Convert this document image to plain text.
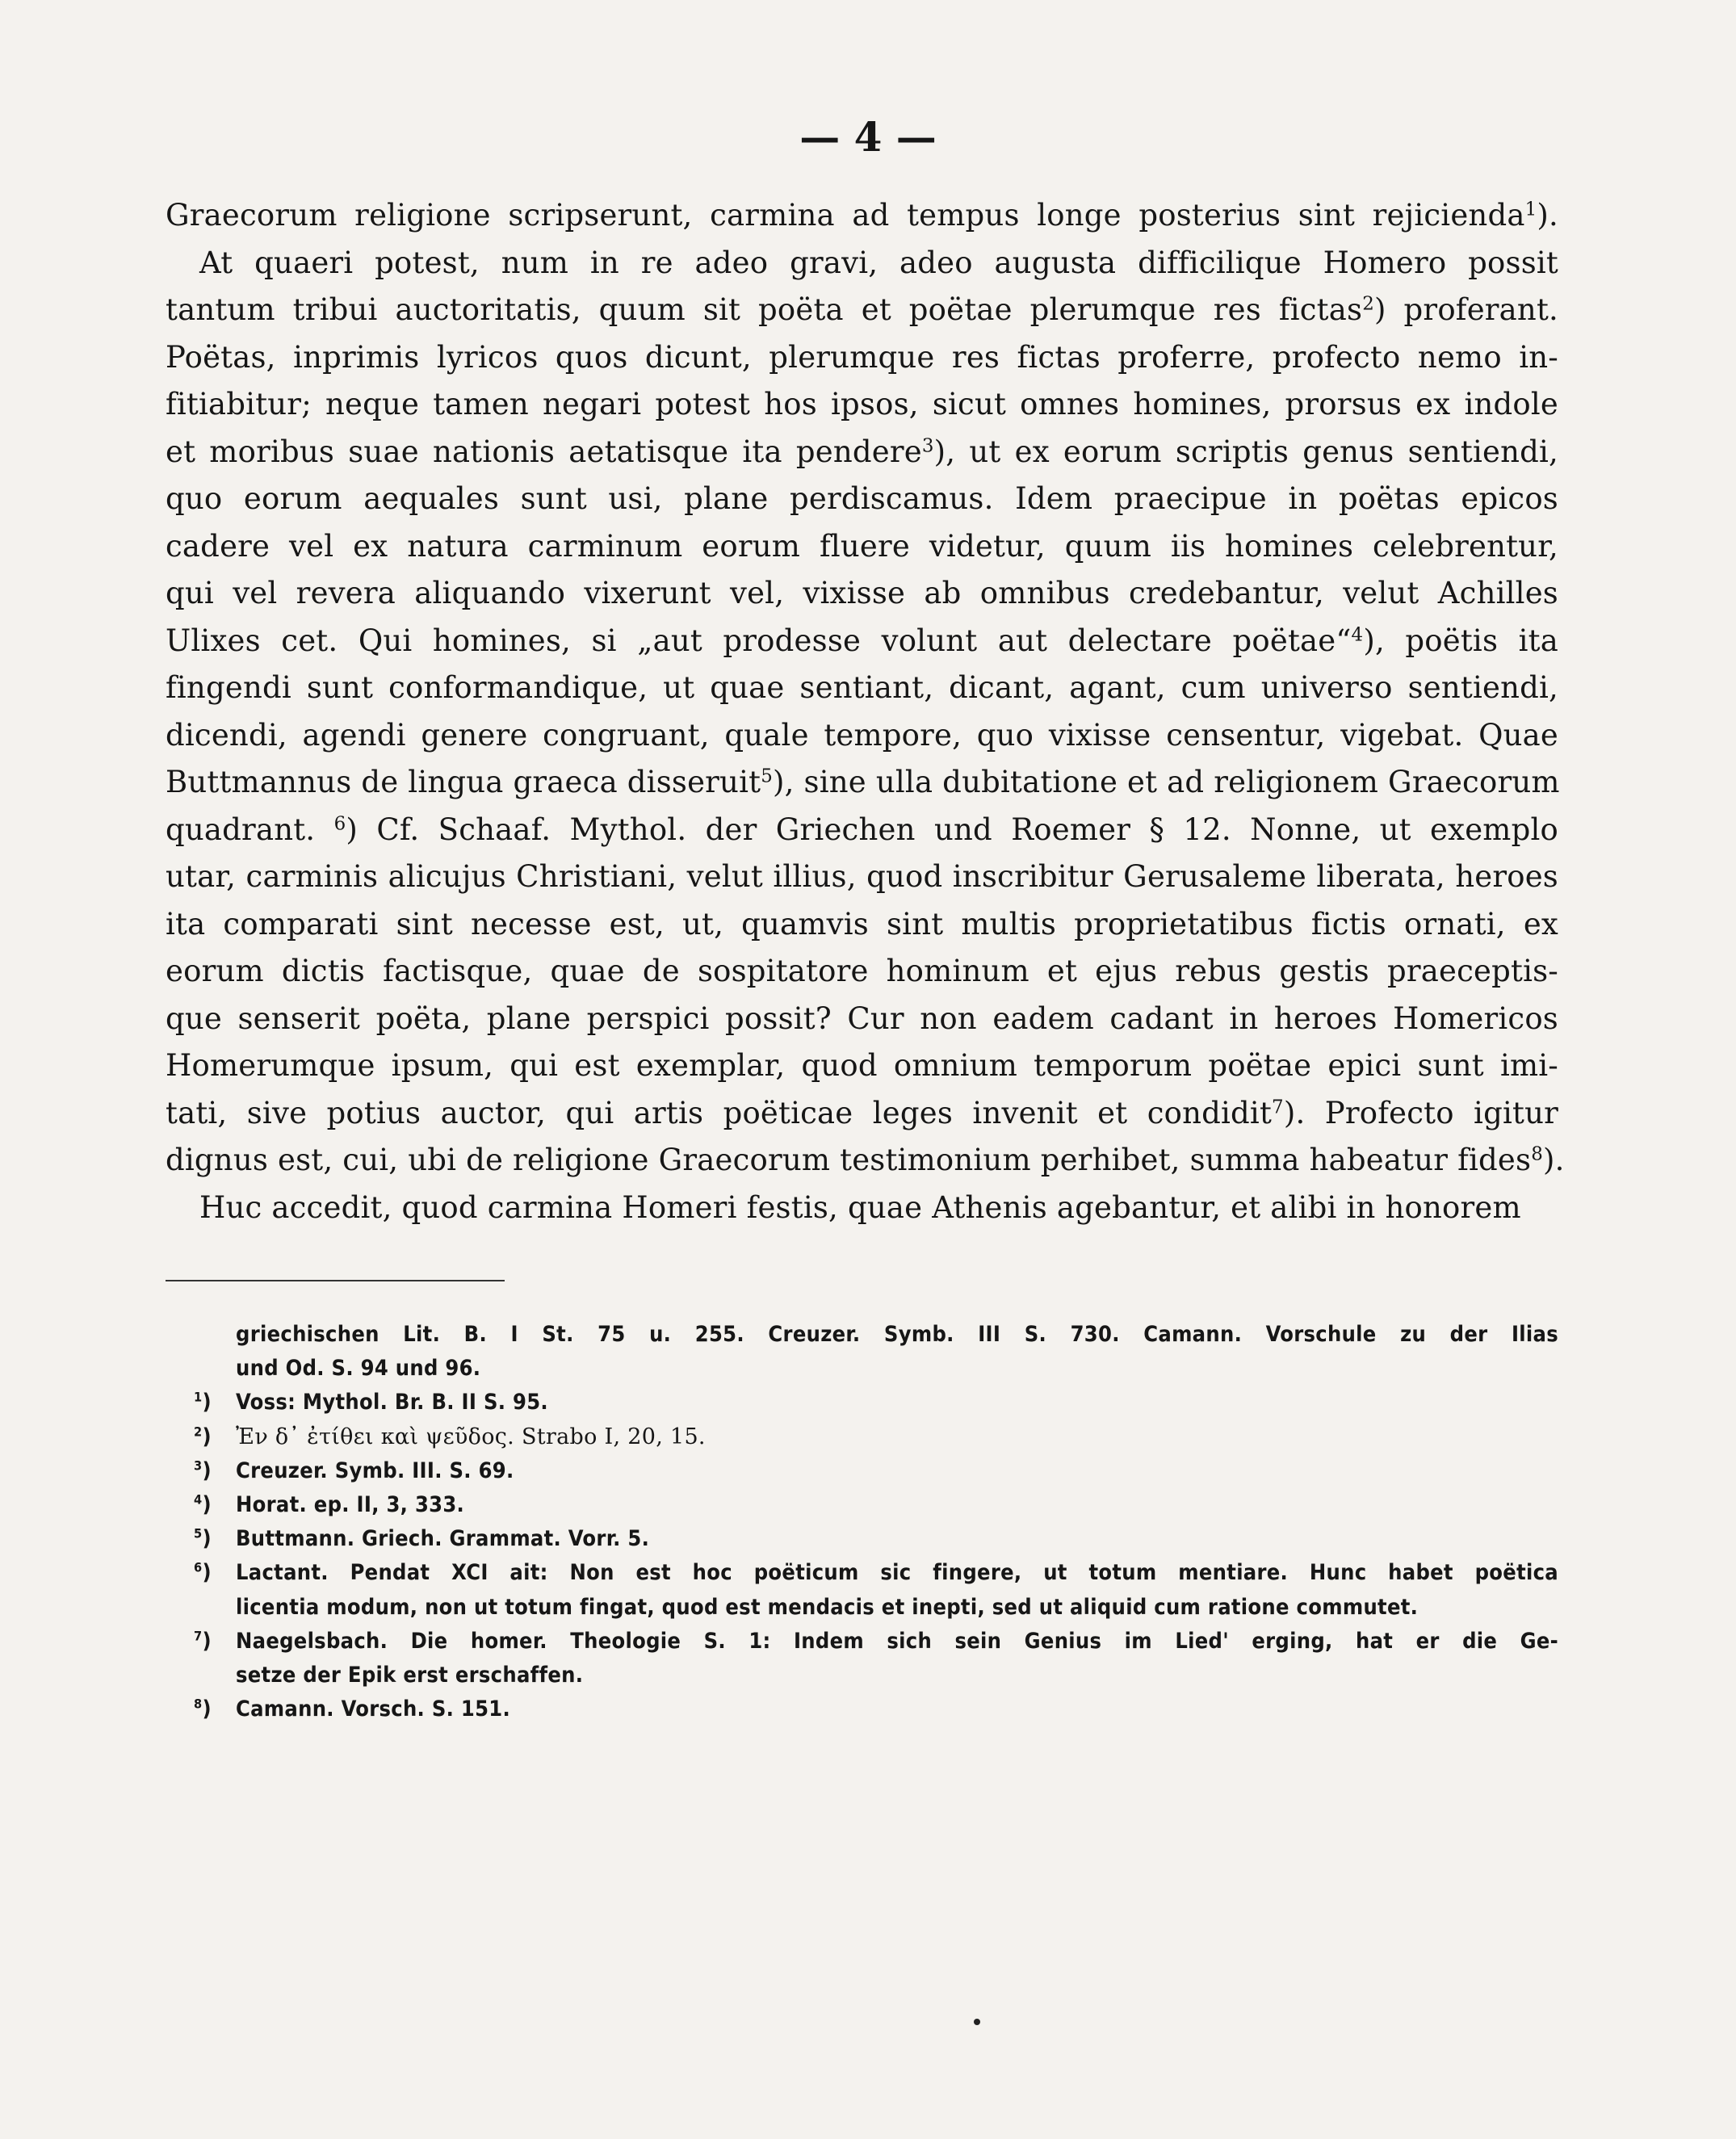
— 4 —
Graecorum religione scripserunt, carmina ad tempus longe posterius sint rejicienda$^1$).
At quaeri potest, num in re adeo gravi, adeo augusta difficilique Homero possit
tantum tribui auctoritatis, quum sit poëta et poëtae plerumque res fictas$^2$) proferant.
Poëtas, inprimis lyricos quos dicunt, plerumque res fictas proferre, profecto nemo in-
fitiabitur; neque tamen negari potest hos ipsos, sicut omnes homines, prorsus ex indole
et moribus suae nationis aetatisque ita pendere$^3$), ut ex eorum scriptis genus sentiendi,
quo eorum aequales sunt usi, plane perdiscamus. Idem praecipue in poëtas epicos
cadere vel ex natura carminum eorum fluere videtur, quum iis homines celebrentur,
qui vel revera aliquando vixerunt vel, vixisse ab omnibus credebantur, velut Achilles
Ulixes cet. Qui homines, si „aut prodesse volunt aut delectare poëtae“$^4$), poëtis ita
fingendi sunt conformandique, ut quae sentiant, dicant, agant, cum universo sentiendi,
dicendi, agendi genere congruant, quale tempore, quo vixisse censentur, vigebat. Quae
Buttmannus de lingua graeca disseruit$^5$), sine ulla dubitatione et ad religionem Graecorum
quadrant. $^6$) Cf. Schaaf. Mythol. der Griechen und Roemer § 12. Nonne, ut exemplo
utar, carminis alicujus Christiani, velut illius, quod inscribitur Gerusaleme liberata, heroes
ita comparati sint necesse est, ut, quamvis sint multis proprietatibus fictis ornati, ex
eorum dictis factisque, quae de sospitatore hominum et ejus rebus gestis praeceptis-
que senserit poëta, plane perspici possit? Cur non eadem cadant in heroes Homericos
Homerumque ipsum, qui est exemplar, quod omnium temporum poëtae epici sunt imi-
tati, sive potius auctor, qui artis poëticae leges invenit et condidit$^7$). Profecto igitur
dignus est, cui, ubi de religione Graecorum testimonium perhibet, summa habeatur fides$^8$).
Huc accedit, quod carmina Homeri festis, quae Athenis agebantur, et alibi in honorem
griechischen Lit. B. I St. 75 u. 255. Creuzer. Symb. III S. 730. Camann. Vorschule zu der Ilias
und Od. S. 94 und 96.
$^1$) Voss: Mythol. Br. B. II S. 95.
$^2$) Ἐν δ᾽ ἐτίθει καὶ ψεῦδος. Strabo I, 20, 15.
$^3$) Creuzer. Symb. III. S. 69.
$^4$) Horat. ep. II, 3, 333.
$^5$) Buttmann. Griech. Grammat. Vorr. 5.
$^6$) Lactant. Pendat XCI ait: Non est hoc poëticum sic fingere, ut totum mentiare. Hunc habet poëtica
licentia modum, non ut totum fingat, quod est mendacis et inepti, sed ut aliquid cum ratione commutet.
$^7$) Naegelsbach. Die homer. Theologie S. 1: Indem sich sein Genius im Lied' erging, hat er die Ge-
setze der Epik erst erschaffen.
$^8$) Camann. Vorsch. S. 151.
